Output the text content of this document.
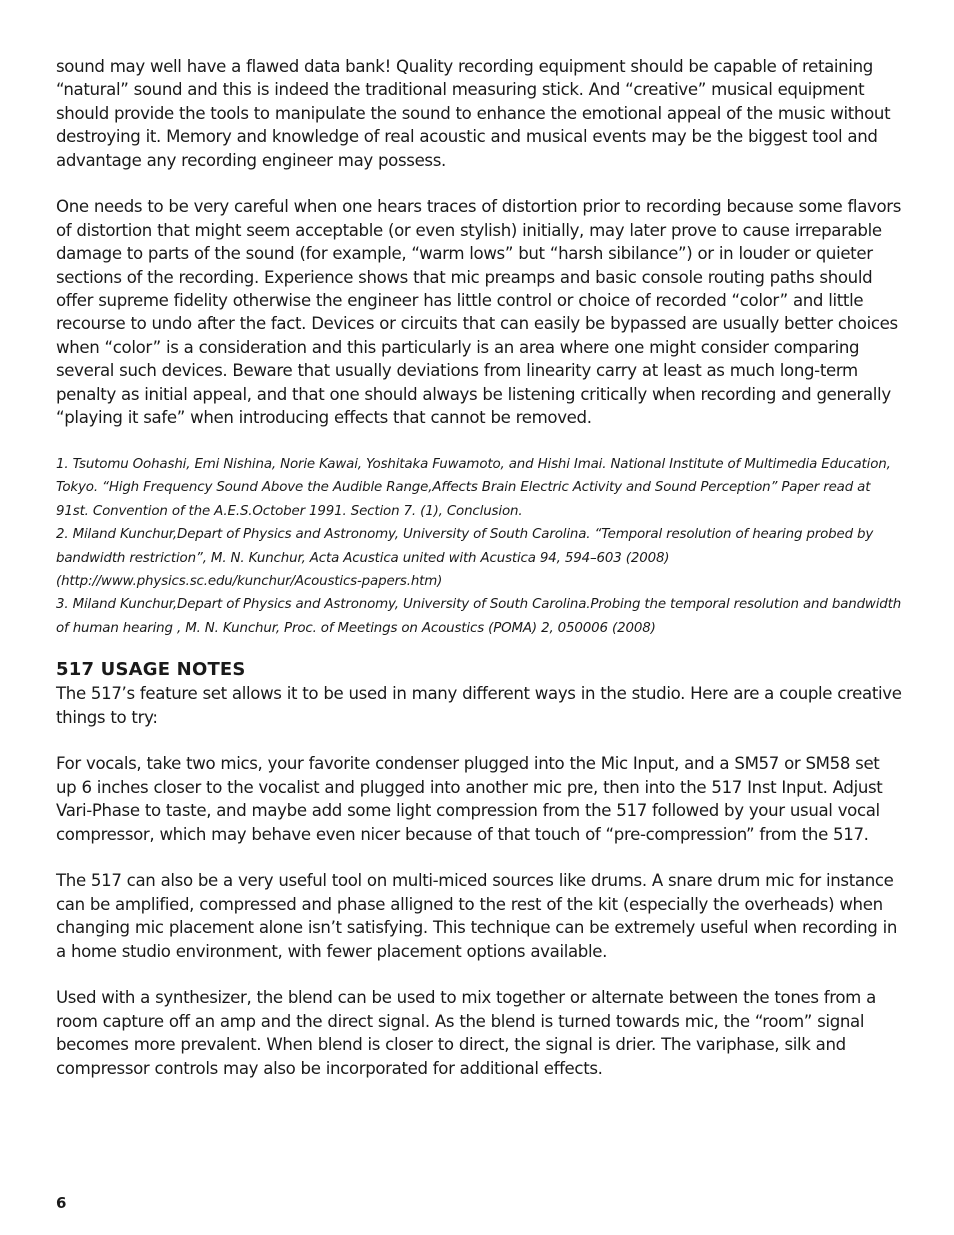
sound may well have a flawed data bank! Quality recording equipment should be capable of retaining “natural” sound and this is indeed the traditional measuring stick. And “creative” musical equipment should provide the tools to manipulate the sound to enhance the emotional appeal of the music without destroying it. Memory and knowledge of real acoustic and musical events may be the biggest tool and advantage any recording engineer may possess.

One needs to be very careful when one hears traces of distortion prior to recording because some flavors of distortion that might seem acceptable (or even stylish) initially, may later prove to cause irreparable damage to parts of the sound (for example, “warm lows” but “harsh sibilance”) or in louder or quieter sections of the recording. Experience shows that mic preamps and basic console routing paths should offer supreme fidelity otherwise the engineer has little control or choice of recorded “color” and little recourse to undo after the fact. Devices or circuits that can easily be bypassed are usually better choices when “color” is a consideration and this particularly is an area where one might consider comparing several such devices. Beware that usually deviations from linearity carry at least as much long-term penalty as initial appeal, and that one should always be listening critically when recording and generally “playing it safe” when introducing effects that cannot be removed.

1. Tsutomu Oohashi, Emi Nishina, Norie Kawai, Yoshitaka Fuwamoto, and Hishi Imai. National Institute of Multimedia Education, Tokyo. “High Frequency Sound Above the Audible Range,Affects Brain Electric Activity and Sound Perception” Paper read at 91st. Convention of the A.E.S.October 1991. Section 7. (1), Conclusion.

2. Miland Kunchur,Depart of Physics and Astronomy, University of South Carolina. “Temporal resolution of hearing probed by bandwidth restriction”, M. N. Kunchur, Acta Acustica united with Acustica 94, 594–603 (2008) (http://www.physics.sc.edu/kunchur/Acoustics-papers.htm)

3. Miland Kunchur,Depart of Physics and Astronomy, University of South Carolina.Probing the temporal resolution and bandwidth of human hearing , M. N. Kunchur, Proc. of Meetings on Acoustics (POMA) 2, 050006 (2008)

517 USAGE NOTES

The 517’s feature set allows it to be used in many different ways in the studio. Here are a couple creative things to try:

For vocals, take two mics, your favorite condenser plugged into the Mic Input, and a SM57 or SM58 set up 6 inches closer to the vocalist and plugged into another mic pre, then into the 517 Inst Input. Adjust Vari-Phase to taste, and maybe add some light compression from the 517 followed by your usual vocal compressor, which may behave even nicer because of that touch of “pre-compression” from the 517.

The 517 can also be a very useful tool on multi-miced sources like drums. A snare drum mic for instance can be amplified, compressed and phase alligned to the rest of the kit (especially the overheads) when changing mic placement alone isn’t satisfying. This technique can be extremely useful when recording in a home studio environment, with fewer placement options available.

Used with a synthesizer, the blend can be used to mix together or alternate between the tones from a room capture off an amp and the direct signal. As the blend is turned towards mic, the “room” signal becomes more prevalent. When blend is closer to direct, the signal is drier. The variphase, silk and compressor controls may also be incorporated for additional effects.

6
